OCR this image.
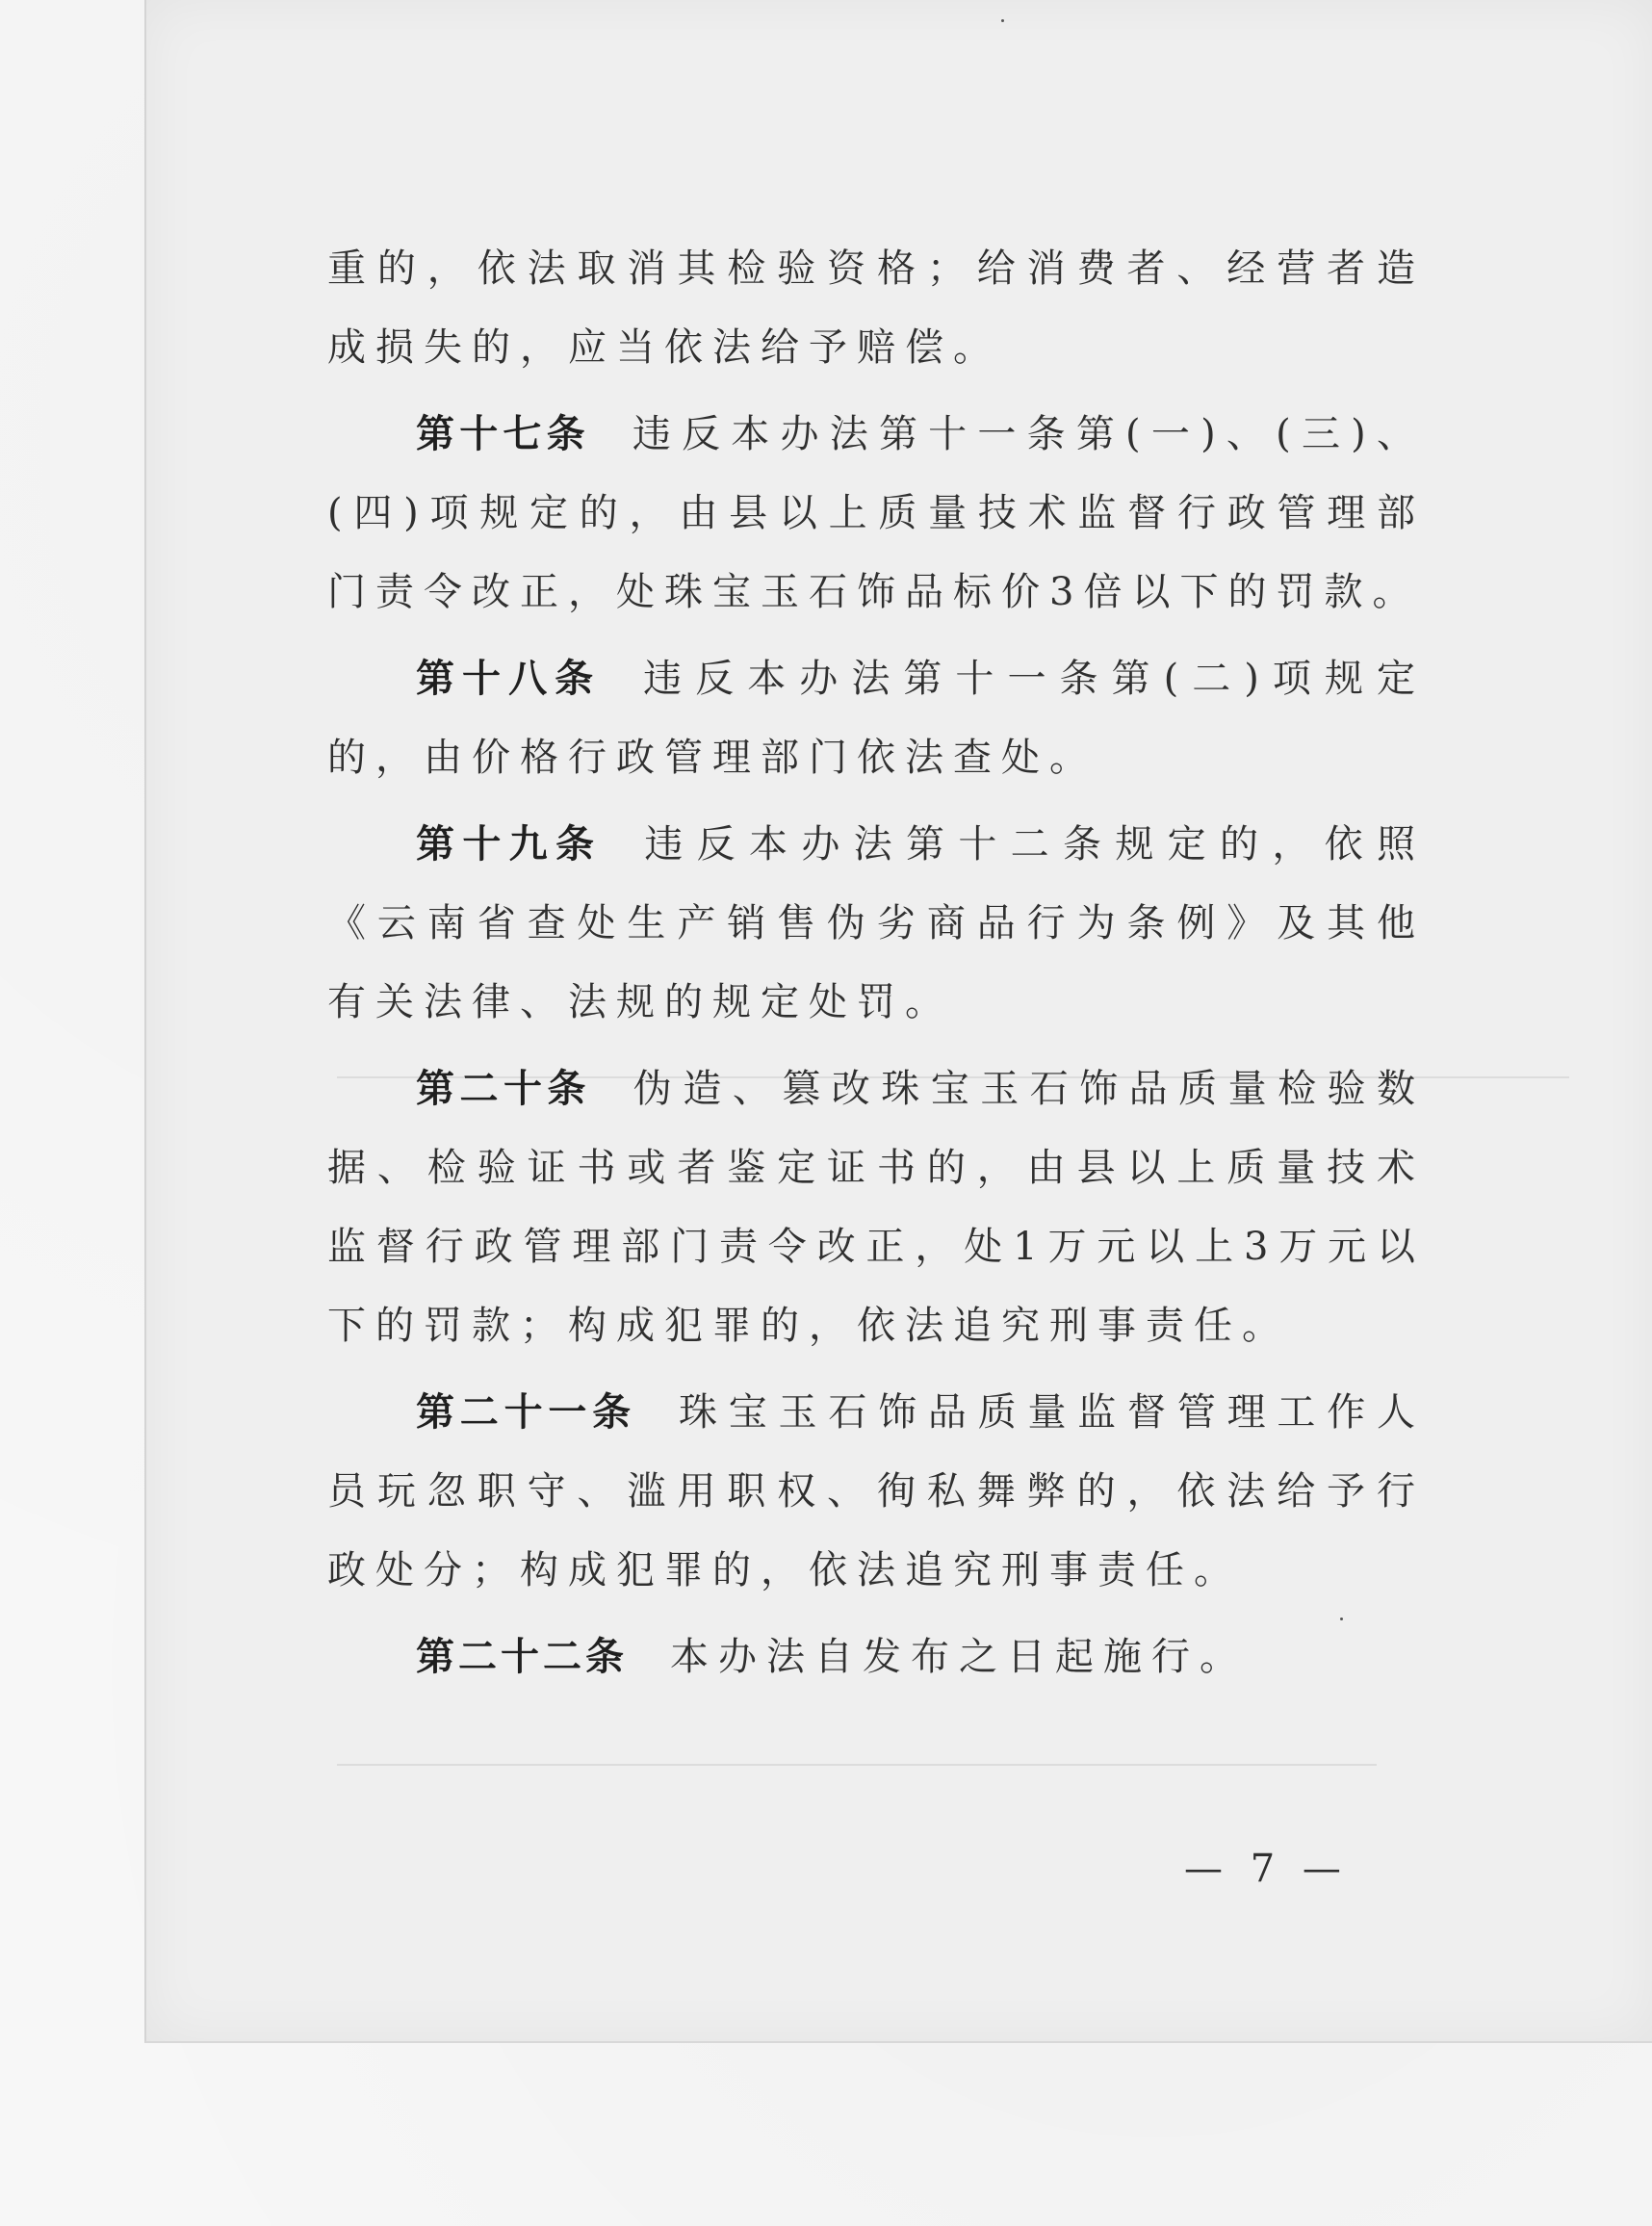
重的，依法取消其检验资格；给消费者、经营者造成损失的，应当依法给予赔偿。

第十七条 违反本办法第十一条第(一)、(三)、(四)项规定的，由县以上质量技术监督行政管理部门责令改正，处珠宝玉石饰品标价3倍以下的罚款。

第十八条 违反本办法第十一条第(二)项规定的，由价格行政管理部门依法查处。

第十九条 违反本办法第十二条规定的，依照《云南省查处生产销售伪劣商品行为条例》及其他有关法律、法规的规定处罚。

第二十条 伪造、篡改珠宝玉石饰品质量检验数据、检验证书或者鉴定证书的，由县以上质量技术监督行政管理部门责令改正，处1万元以上3万元以下的罚款；构成犯罪的，依法追究刑事责任。

第二十一条 珠宝玉石饰品质量监督管理工作人员玩忽职守、滥用职权、徇私舞弊的，依法给予行政处分；构成犯罪的，依法追究刑事责任。

第二十二条 本办法自发布之日起施行。

— 7 —
